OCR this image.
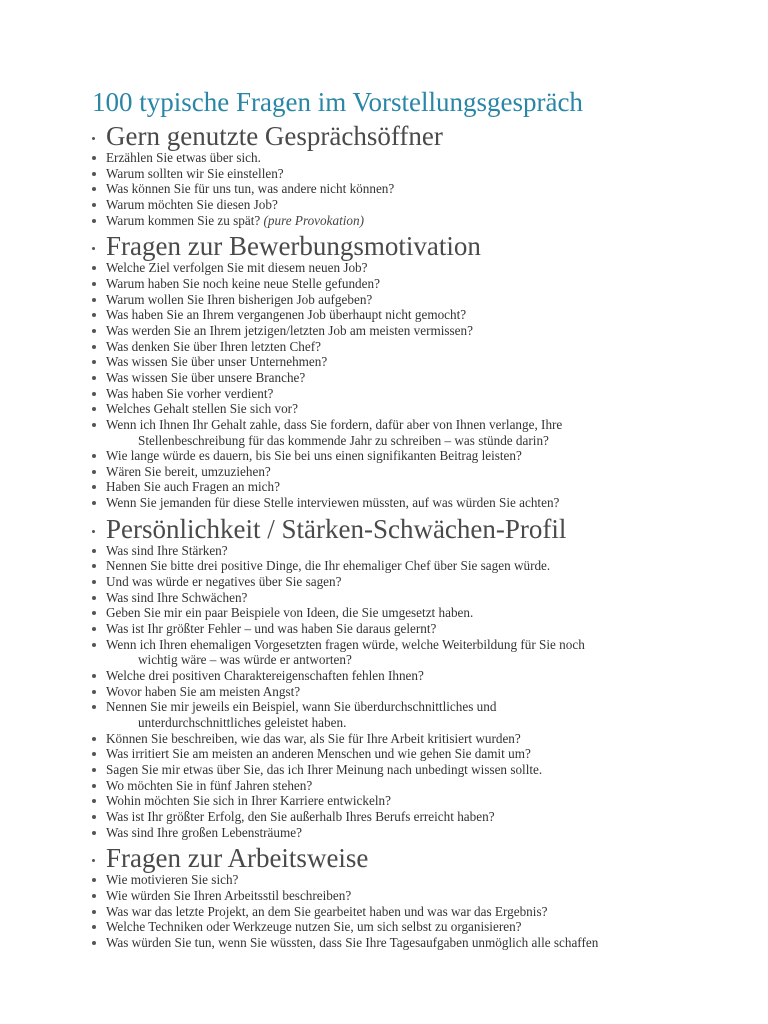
100 typische Fragen im Vorstellungsgespräch
Gern genutzte Gesprächsöffner
Erzählen Sie etwas über sich.
Warum sollten wir Sie einstellen?
Was können Sie für uns tun, was andere nicht können?
Warum möchten Sie diesen Job?
Warum kommen Sie zu spät? (pure Provokation)
Fragen zur Bewerbungsmotivation
Welche Ziel verfolgen Sie mit diesem neuen Job?
Warum haben Sie noch keine neue Stelle gefunden?
Warum wollen Sie Ihren bisherigen Job aufgeben?
Was haben Sie an Ihrem vergangenen Job überhaupt nicht gemocht?
Was werden Sie an Ihrem jetzigen/letzten Job am meisten vermissen?
Was denken Sie über Ihren letzten Chef?
Was wissen Sie über unser Unternehmen?
Was wissen Sie über unsere Branche?
Was haben Sie vorher verdient?
Welches Gehalt stellen Sie sich vor?
Wenn ich Ihnen Ihr Gehalt zahle, dass Sie fordern, dafür aber von Ihnen verlange, Ihre
Stellenbeschreibung für das kommende Jahr zu schreiben – was stünde darin?
Wie lange würde es dauern, bis Sie bei uns einen signifikanten Beitrag leisten?
Wären Sie bereit, umzuziehen?
Haben Sie auch Fragen an mich?
Wenn Sie jemanden für diese Stelle interviewen müssten, auf was würden Sie achten?
Persönlichkeit / Stärken-Schwächen-Profil
Was sind Ihre Stärken?
Nennen Sie bitte drei positive Dinge, die Ihr ehemaliger Chef über Sie sagen würde.
Und was würde er negatives über Sie sagen?
Was sind Ihre Schwächen?
Geben Sie mir ein paar Beispiele von Ideen, die Sie umgesetzt haben.
Was ist Ihr größter Fehler – und was haben Sie daraus gelernt?
Wenn ich Ihren ehemaligen Vorgesetzten fragen würde, welche Weiterbildung für Sie noch
wichtig wäre – was würde er antworten?
Welche drei positiven Charaktereigenschaften fehlen Ihnen?
Wovor haben Sie am meisten Angst?
Nennen Sie mir jeweils ein Beispiel, wann Sie überdurchschnittliches und
unterdurchschnittliches geleistet haben.
Können Sie beschreiben, wie das war, als Sie für Ihre Arbeit kritisiert wurden?
Was irritiert Sie am meisten an anderen Menschen und wie gehen Sie damit um?
Sagen Sie mir etwas über Sie, das ich Ihrer Meinung nach unbedingt wissen sollte.
Wo möchten Sie in fünf Jahren stehen?
Wohin möchten Sie sich in Ihrer Karriere entwickeln?
Was ist Ihr größter Erfolg, den Sie außerhalb Ihres Berufs erreicht haben?
Was sind Ihre großen Lebensträume?
Fragen zur Arbeitsweise
Wie motivieren Sie sich?
Wie würden Sie Ihren Arbeitsstil beschreiben?
Was war das letzte Projekt, an dem Sie gearbeitet haben und was war das Ergebnis?
Welche Techniken oder Werkzeuge nutzen Sie, um sich selbst zu organisieren?
Was würden Sie tun, wenn Sie wüssten, dass Sie Ihre Tagesaufgaben unmöglich alle schaffen
